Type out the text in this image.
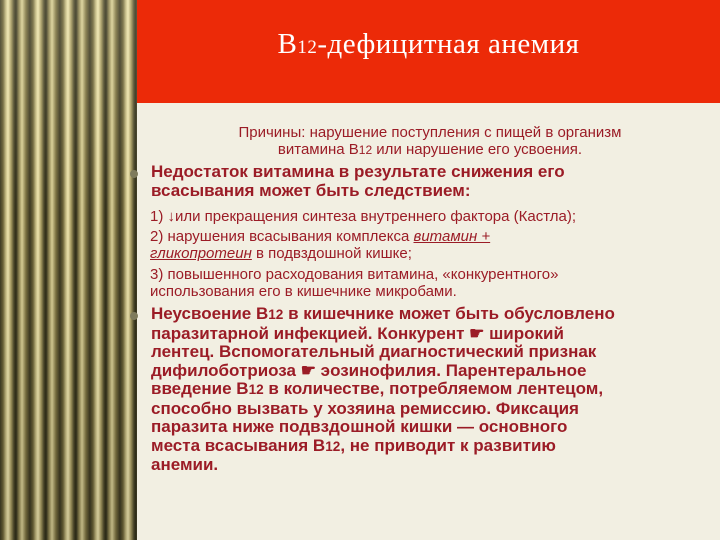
В12-дефицитная анемия
Причины: нарушение поступления с пищей в организм
витамина В12 или нарушение его усвоения.
Недостаток витамина в результате снижения его
всасывания может быть следствием:
1) ↓или прекращения синтеза внутреннего фактора (Кастла);
2) нарушения всасывания комплекса витамин +
гликопротеин в подвздошной кишке;
3) повышенного расходования витамина, «конкурентного»
использования его в кишечнике микробами.
Неусвоение В12 в кишечнике может быть обусловлено
паразитарной инфекцией. Конкурент ☛ широкий
лентец. Вспомогательный диагностический признак
дифилоботриоза ☛ эозинофилия. Парентеральное
введение В12 в количестве, потребляемом лентецом,
способно вызвать у хозяина ремиссию. Фиксация
паразита ниже подвздошной кишки — основного
места всасывания В12, не приводит к развитию
анемии.
